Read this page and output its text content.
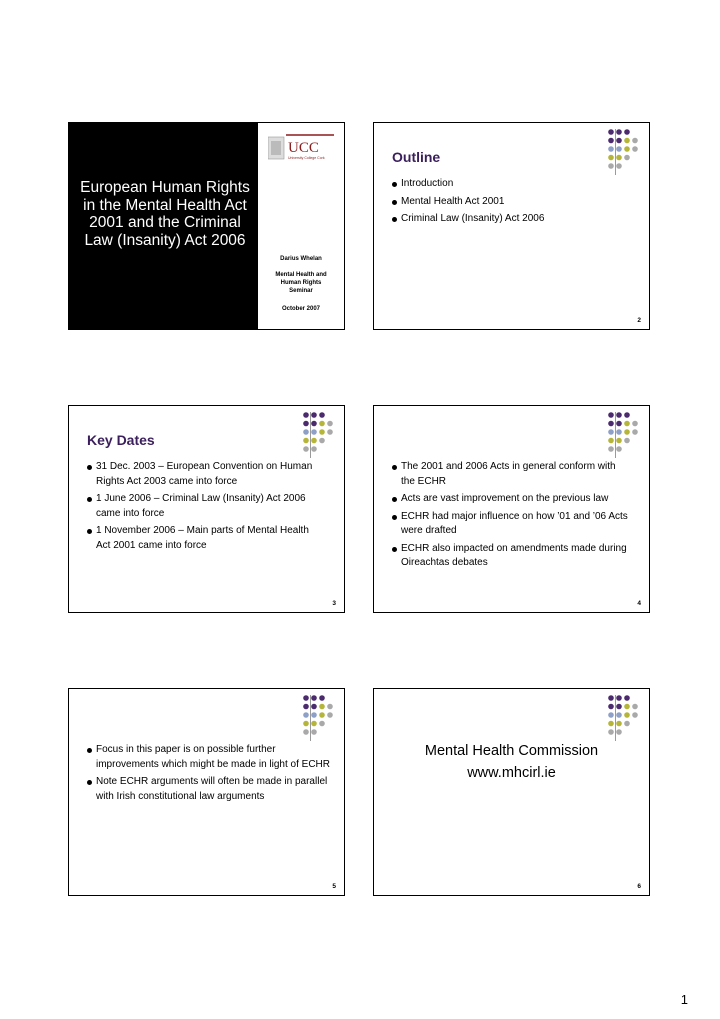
European Human Rights in the Mental Health Act 2001 and the Criminal Law (Insanity) Act 2006
UCC
University College Cork
Darius Whelan
Mental Health and Human Rights Seminar
October 2007
Outline
Introduction
Mental Health Act 2001
Criminal Law (Insanity) Act 2006
2
Key Dates
31 Dec. 2003 – European Convention on Human Rights Act 2003 came into force
1 June 2006 – Criminal Law (Insanity) Act 2006 came into force
1 November 2006 – Main parts of Mental Health Act 2001 came into force
3
The 2001 and 2006 Acts in general conform with the ECHR
Acts are vast improvement on the previous law
ECHR had major influence on how ’01 and ’06 Acts were drafted
ECHR also impacted on amendments made during Oireachtas debates
4
Focus in this paper is on possible further improvements which might be made in light of ECHR
Note ECHR arguments will often be made in parallel with Irish constitutional law arguments
5
Mental Health Commission
www.mhcirl.ie
6
1
